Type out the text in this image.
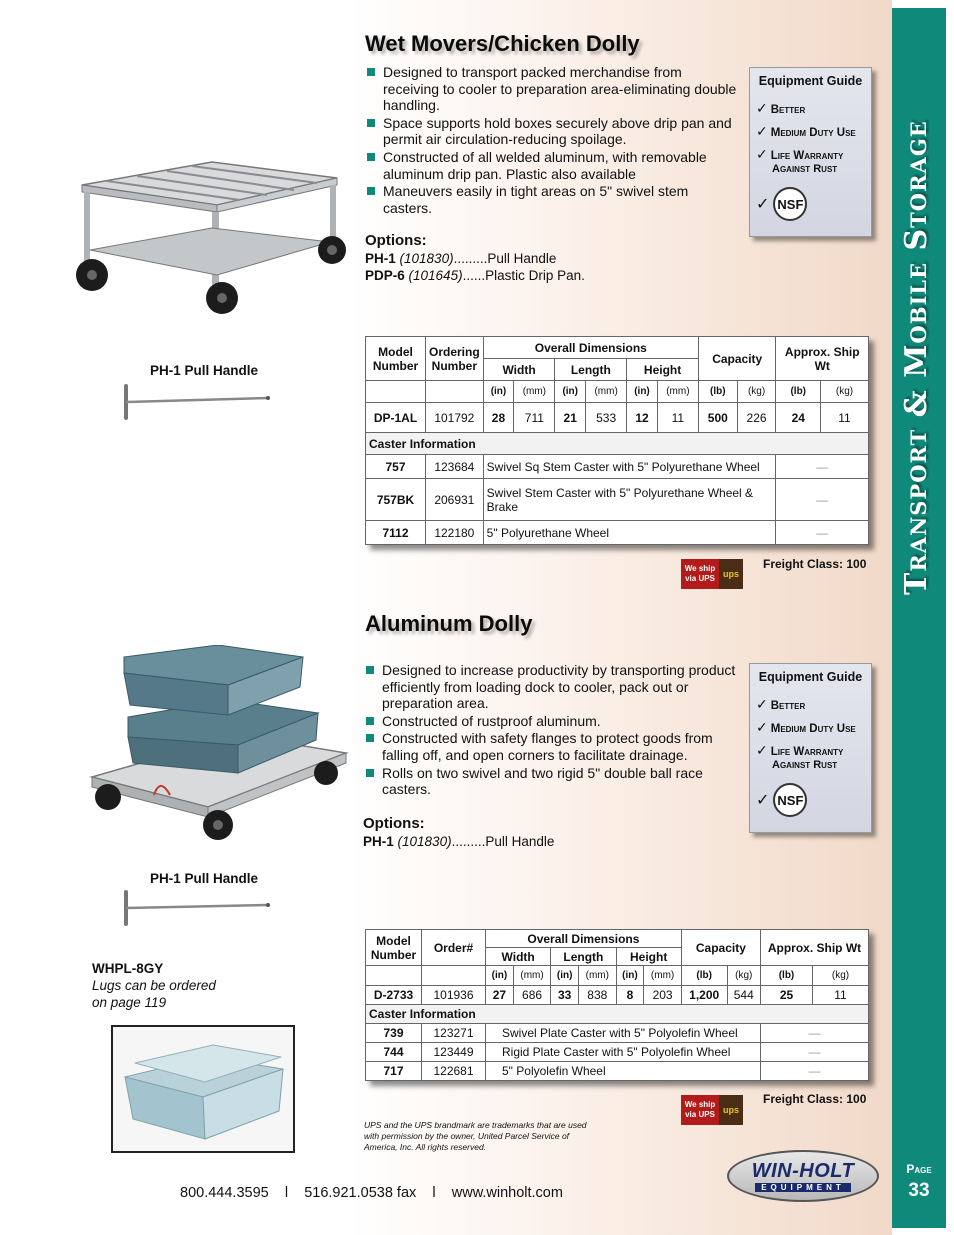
Transport & Mobile Storage
Page
33
Wet Movers/Chicken Dolly
Designed to transport packed merchandise from receiving to cooler to preparation area-eliminating double handling.
Space supports hold boxes securely above drip pan and permit air circulation-reducing spoilage.
Constructed of all welded aluminum, with removable aluminum drip pan. Plastic also available
Maneuvers easily in tight areas on 5" swivel stem casters.
Options:
PH-1 (101830).........Pull Handle
PDP-6 (101645)......Plastic Drip Pan.
Equipment Guide
✓ Better
✓ Medium Duty Use
✓ Life Warranty
Against Rust
✓ NSF
PH-1 Pull Handle
Model Number	Ordering Number	Overall Dimensions						Capacity		Approx. Ship Wt	
		Width		Length		Height					
		(in)	(mm)	(in)	(mm)	(in)	(mm)	(lb)	(kg)	(lb)	(kg)
DP-1AL	101792	28	711	21	533	12	11	500	226	24	11
Caster Information											
757	123684	Swivel Sq Stem Caster with 5" Polyurethane Wheel								—	
757BK	206931	Swivel Stem Caster with 5" Polyurethane Wheel & Brake								—	
7112	122180	5" Polyurethane Wheel								—	
We ship
via UPS ups
Freight Class: 100
Aluminum Dolly
Designed to increase productivity by transporting product efficiently from loading dock to cooler, pack out or preparation area.
Constructed of rustproof aluminum.
Constructed with safety flanges to protect goods from falling off, and open corners to facilitate drainage.
Rolls on two swivel and two rigid 5" double ball race casters.
Options:
PH-1 (101830).........Pull Handle
Equipment Guide
✓ Better
✓ Medium Duty Use
✓ Life Warranty
Against Rust
✓ NSF
PH-1 Pull Handle
WHPL-8GY
Lugs can be ordered
on page 119
Model Number	Order#	Overall Dimensions						Capacity		Approx. Ship Wt	
		Width		Length		Height					
		(in)	(mm)	(in)	(mm)	(in)	(mm)	(lb)	(kg)	(lb)	(kg)
D-2733	101936	27	686	33	838	8	203	1,200	544	25	11
Caster Information											
739	123271	Swivel Plate Caster with 5" Polyolefin Wheel								—	
744	123449	Rigid Plate Caster with 5" Polyolefin Wheel								—	
717	122681	5" Polyolefin Wheel								—	
We ship
via UPS ups
Freight Class: 100
UPS and the UPS brandmark are trademarks that are used with permission by the owner, United Parcel Service of America, Inc. All rights reserved.
800.444.3595 l 516.921.0538 fax l www.winholt.com
WIN-HOLT
EQUIPMENT
